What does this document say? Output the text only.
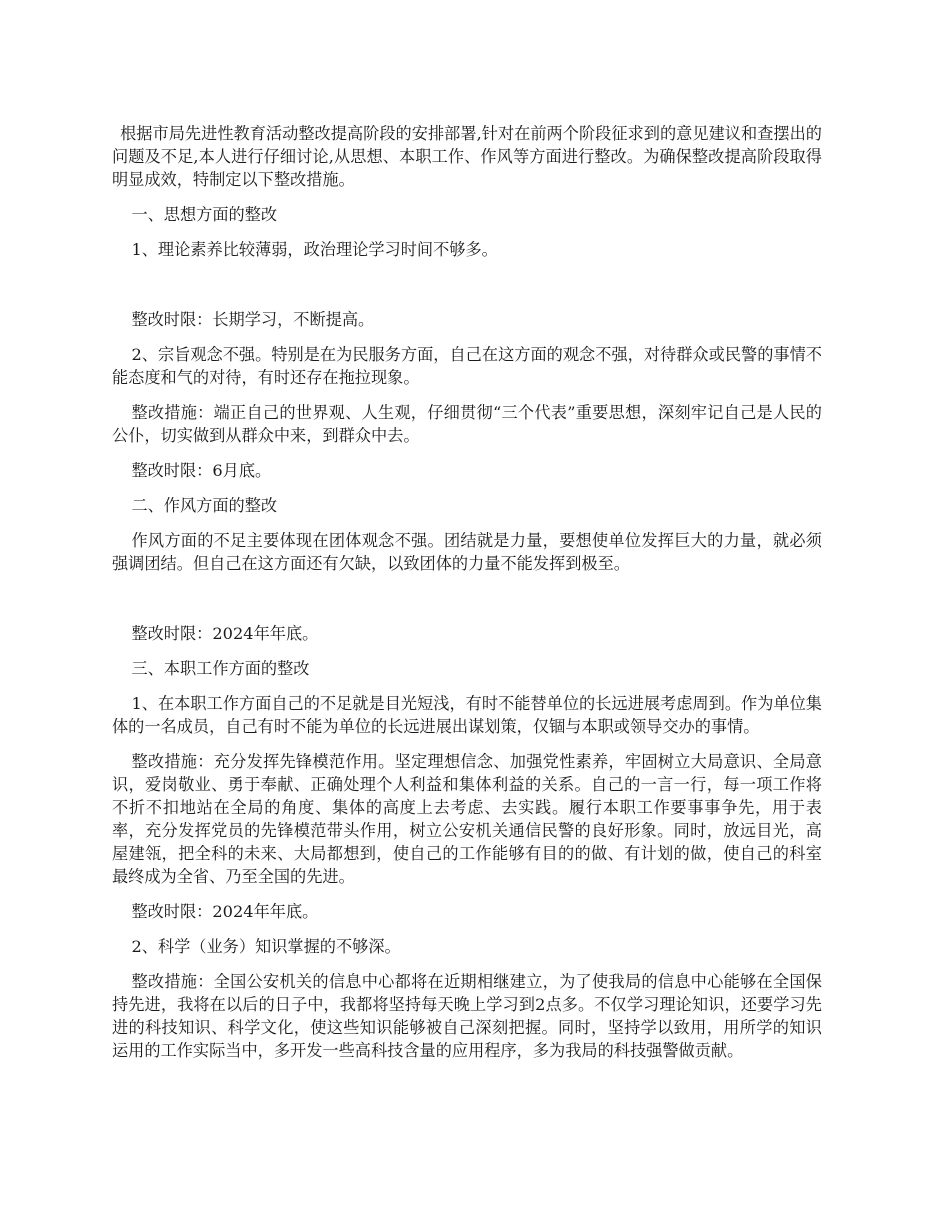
根据市局先进性教育活动整改提高阶段的安排部署,针对在前两个阶段征求到的意见建议和查摆出的问题及不足,本人进行仔细讨论,从思想、本职工作、作风等方面进行整改。为确保整改提高阶段取得明显成效，特制定以下整改措施。

一、思想方面的整改

1、理论素养比较薄弱，政治理论学习时间不够多。

整改时限：长期学习，不断提高。

2、宗旨观念不强。特别是在为民服务方面，自己在这方面的观念不强，对待群众或民警的事情不能态度和气的对待，有时还存在拖拉现象。

整改措施：端正自己的世界观、人生观，仔细贯彻“三个代表”重要思想，深刻牢记自己是人民的公仆，切实做到从群众中来，到群众中去。

整改时限：6月底。

二、作风方面的整改

作风方面的不足主要体现在团体观念不强。团结就是力量，要想使单位发挥巨大的力量，就必须强调团结。但自己在这方面还有欠缺，以致团体的力量不能发挥到极至。

整改时限：2024年年底。

三、本职工作方面的整改

1、在本职工作方面自己的不足就是目光短浅，有时不能替单位的长远进展考虑周到。作为单位集体的一名成员，自己有时不能为单位的长远进展出谋划策，仅锢与本职或领导交办的事情。

整改措施：充分发挥先锋模范作用。坚定理想信念、加强党性素养，牢固树立大局意识、全局意识，爱岗敬业、勇于奉献、正确处理个人利益和集体利益的关系。自己的一言一行，每一项工作将不折不扣地站在全局的角度、集体的高度上去考虑、去实践。履行本职工作要事事争先，用于表率，充分发挥党员的先锋模范带头作用，树立公安机关通信民警的良好形象。同时，放远目光，高屋建瓴，把全科的未来、大局都想到，使自己的工作能够有目的的做、有计划的做，使自己的科室最终成为全省、乃至全国的先进。

整改时限：2024年年底。

2、科学（业务）知识掌握的不够深。

整改措施：全国公安机关的信息中心都将在近期相继建立，为了使我局的信息中心能够在全国保持先进，我将在以后的日子中，我都将坚持每天晚上学习到2点多。不仅学习理论知识，还要学习先进的科技知识、科学文化，使这些知识能够被自己深刻把握。同时，坚持学以致用，用所学的知识运用的工作实际当中，多开发一些高科技含量的应用程序，多为我局的科技强警做贡献。
